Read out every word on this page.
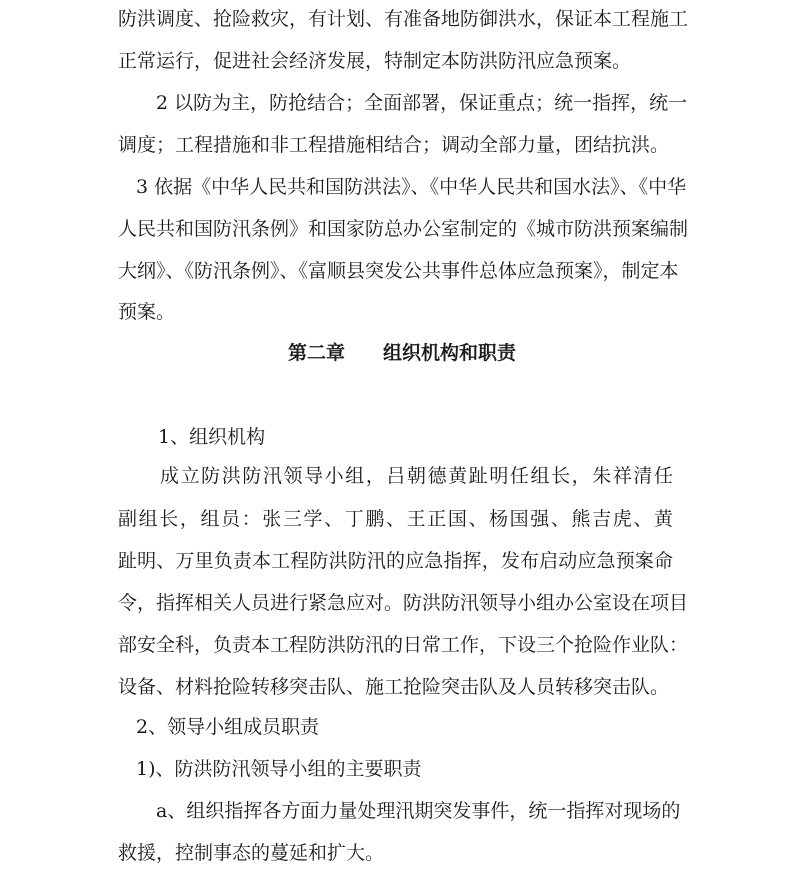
防洪调度、抢险救灾，有计划、有准备地防御洪水，保证本工程施工
正常运行，促进社会经济发展，特制定本防洪防汛应急预案。
2 以防为主，防抢结合；全面部署，保证重点；统一指挥，统一
调度；工程措施和非工程措施相结合；调动全部力量，团结抗洪。
3 依据《中华人民共和国防洪法》、《中华人民共和国水法》、《中华
人民共和国防汛条例》和国家防总办公室制定的《城市防洪预案编制
大纲》、《防汛条例》、《富顺县突发公共事件总体应急预案》，制定本
预案。
第二章　　组织机构和职责
1、组织机构
成立防洪防汛领导小组，吕朝德黄趾明任组长，朱祥清任
副组长，组员：张三学、丁鹏、王正国、杨国强、熊吉虎、黄
趾明、万里负责本工程防洪防汛的应急指挥，发布启动应急预案命
令，指挥相关人员进行紧急应对。防洪防汛领导小组办公室设在项目
部安全科，负责本工程防洪防汛的日常工作，下设三个抢险作业队：
设备、材料抢险转移突击队、施工抢险突击队及人员转移突击队。
2、领导小组成员职责
1)、防洪防汛领导小组的主要职责
a、组织指挥各方面力量处理汛期突发事件，统一指挥对现场的
救援，控制事态的蔓延和扩大。
